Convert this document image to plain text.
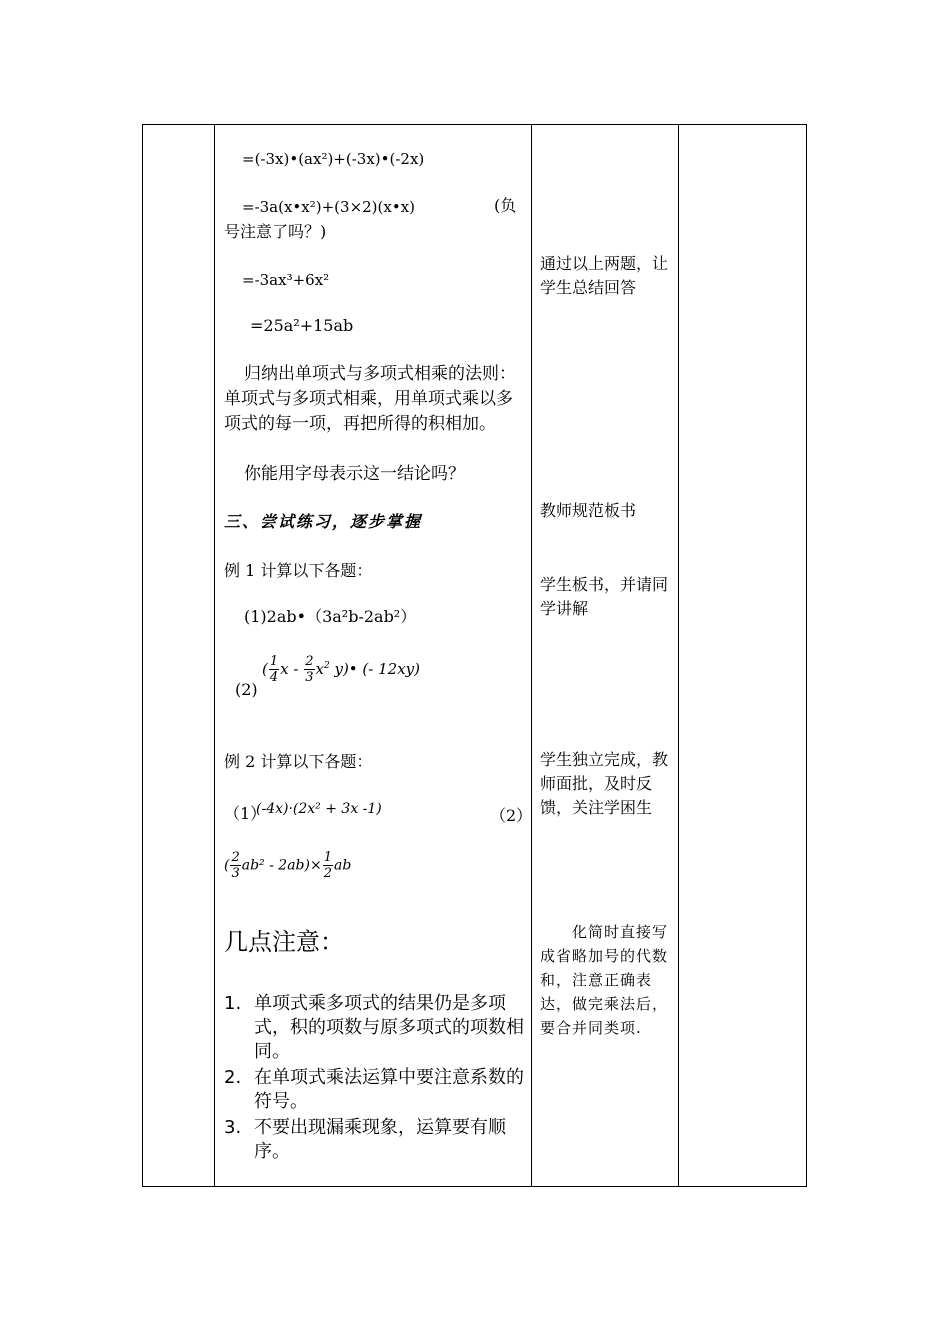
=(-3x)•(ax²)+(-3x)•(-2x)
=-3a(x•x²)+(3×2)(x•x)	(负
号注意了吗？)
=-3ax³+6x²
=25a²+15ab
归纳出单项式与多项式相乘的法则：单项式与多项式相乘，用单项式乘以多项式的每一项，再把所得的积相加。
你能用字母表示这一结论吗？
三、尝试练习，逐步掌握
例 1 计算以下各题：
(1)2ab•（3a²b-2ab²）
(2)
( $\frac{1}{4}$ x - $\frac{2}{3} x^2$ y)• (- 12xy)
例 2 计算以下各题：
（1）
(-4x)·(2x² + 3x -1)	（2）
( $\frac{2}{3} ab^2 - 2ab)\times \frac{1}{2}$ ab
几点注意：
1. 单项式乘多项式的结果仍是多项式，积的项数与原多项式的项数相同。
2. 在单项式乘法运算中要注意系数的符号。
3. 不要出现漏乘现象，运算要有顺序。
通过以上两题，让学生总结回答
教师规范板书
学生板书，并请同学讲解
学生独立完成，教师面批，及时反馈，关注学困生
化简时直接写成省略加号的代数和，注意正确表达，做完乘法后，要合并同类项.
